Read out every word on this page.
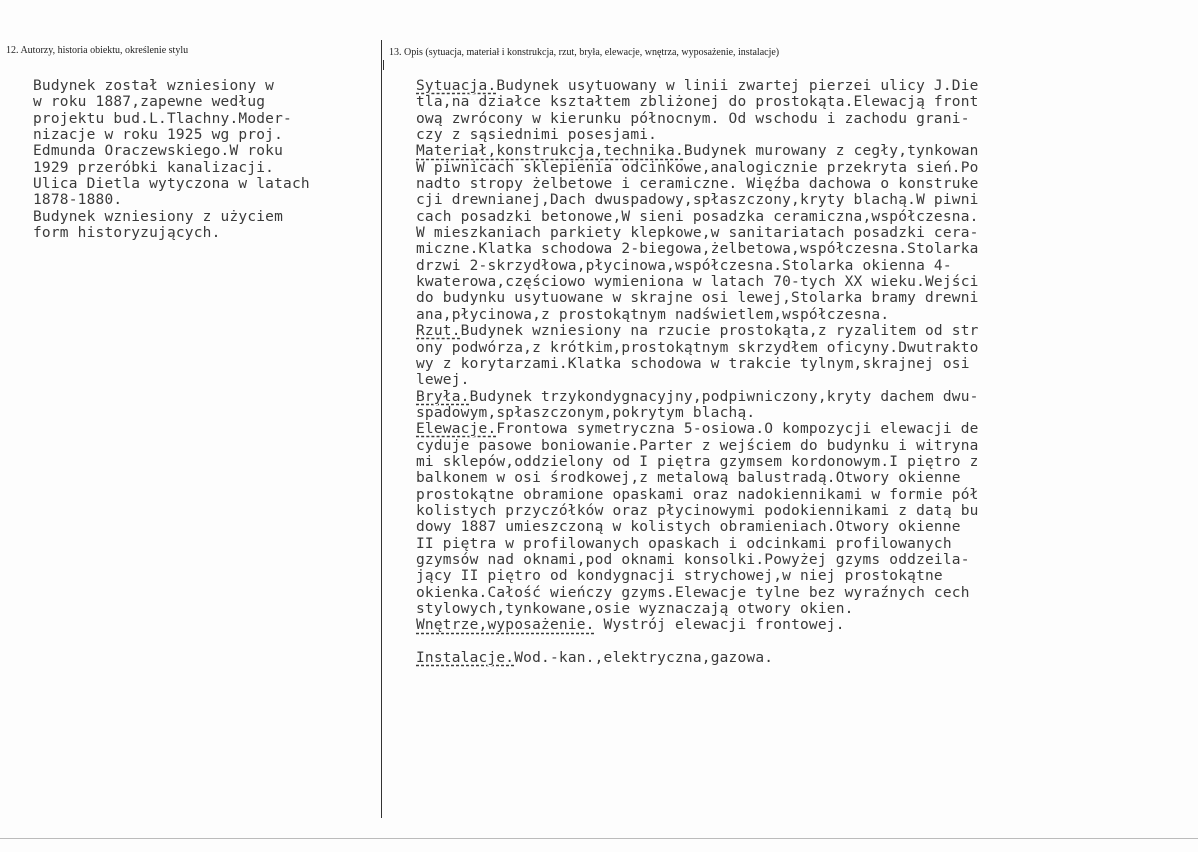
12. Autorzy, historia obiektu, określenie stylu	13. Opis (sytuacja, materiał i konstrukcja, rzut, bryła, elewacje, wnętrza, wyposażenie, instalacje)
Budynek został wzniesiony w
w roku 1887,zapewne według
projektu bud.L.Tlachny.Moder-
nizacje w roku 1925 wg proj.
Edmunda Oraczewskiego.W roku
1929 przeróbki kanalizacji.
Ulica Dietla wytyczona w latach
1878-1880.
Budynek wzniesiony z użyciem
form historyzujących.
Sytuacja.Budynek usytuowany w linii zwartej pierzei ulicy J.Die
tla,na działce kształtem zbliżonej do prostokąta.Elewacją front
ową zwrócony w kierunku północnym. Od wschodu i zachodu grani-
czy z sąsiednimi posesjami.
Materiał,konstrukcja,technika.Budynek murowany z cegły,tynkowan
W piwnicach sklepienia odcinkowe,analogicznie przekryta sień.Po
nadto stropy żelbetowe i ceramiczne. Więźba dachowa o konstruke
cji drewnianej,Dach dwuspadowy,spłaszczony,kryty blachą.W piwni
cach posadzki betonowe,W sieni posadzka ceramiczna,współczesna.
W mieszkaniach parkiety klepkowe,w sanitariatach posadzki cera-
miczne.Klatka schodowa 2-biegowa,żelbetowa,współczesna.Stolarka
drzwi 2-skrzydłowa,płycinowa,współczesna.Stolarka okienna 4-
kwaterowa,częściowo wymieniona w latach 70-tych XX wieku.Wejści
do budynku usytuowane w skrajne osi lewej,Stolarka bramy drewni
ana,płycinowa,z prostokątnym nadświetlem,współczesna.
Rzut.Budynek wzniesiony na rzucie prostokąta,z ryzalitem od str
ony podwórza,z krótkim,prostokątnym skrzydłem oficyny.Dwutrakto
wy z korytarzami.Klatka schodowa w trakcie tylnym,skrajnej osi
lewej.
Bryła.Budynek trzykondygnacyjny,podpiwniczony,kryty dachem dwu-
spadowym,spłaszczonym,pokrytym blachą.
Elewacje.Frontowa symetryczna 5-osiowa.O kompozycji elewacji de
cyduje pasowe boniowanie.Parter z wejściem do budynku i witryna
mi sklepów,oddzielony od I piętra gzymsem kordonowym.I piętro z
balkonem w osi środkowej,z metalową balustradą.Otwory okienne
prostokątne obramione opaskami oraz nadokiennikami w formie pół
kolistych przyczółków oraz płycinowymi podokiennikami z datą bu
dowy 1887 umieszczoną w kolistych obramieniach.Otwory okienne
II piętra w profilowanych opaskach i odcinkami profilowanych
gzymsów nad oknami,pod oknami konsolki.Powyżej gzyms oddzeila-
jący II piętro od kondygnacji strychowej,w niej prostokątne
okienka.Całość wieńczy gzyms.Elewacje tylne bez wyraźnych cech
stylowych,tynkowane,osie wyznaczają otwory okien.
Wnętrze,wyposażenie. Wystrój elewacji frontowej.
Instalacje.Wod.-kan.,elektryczna,gazowa.
